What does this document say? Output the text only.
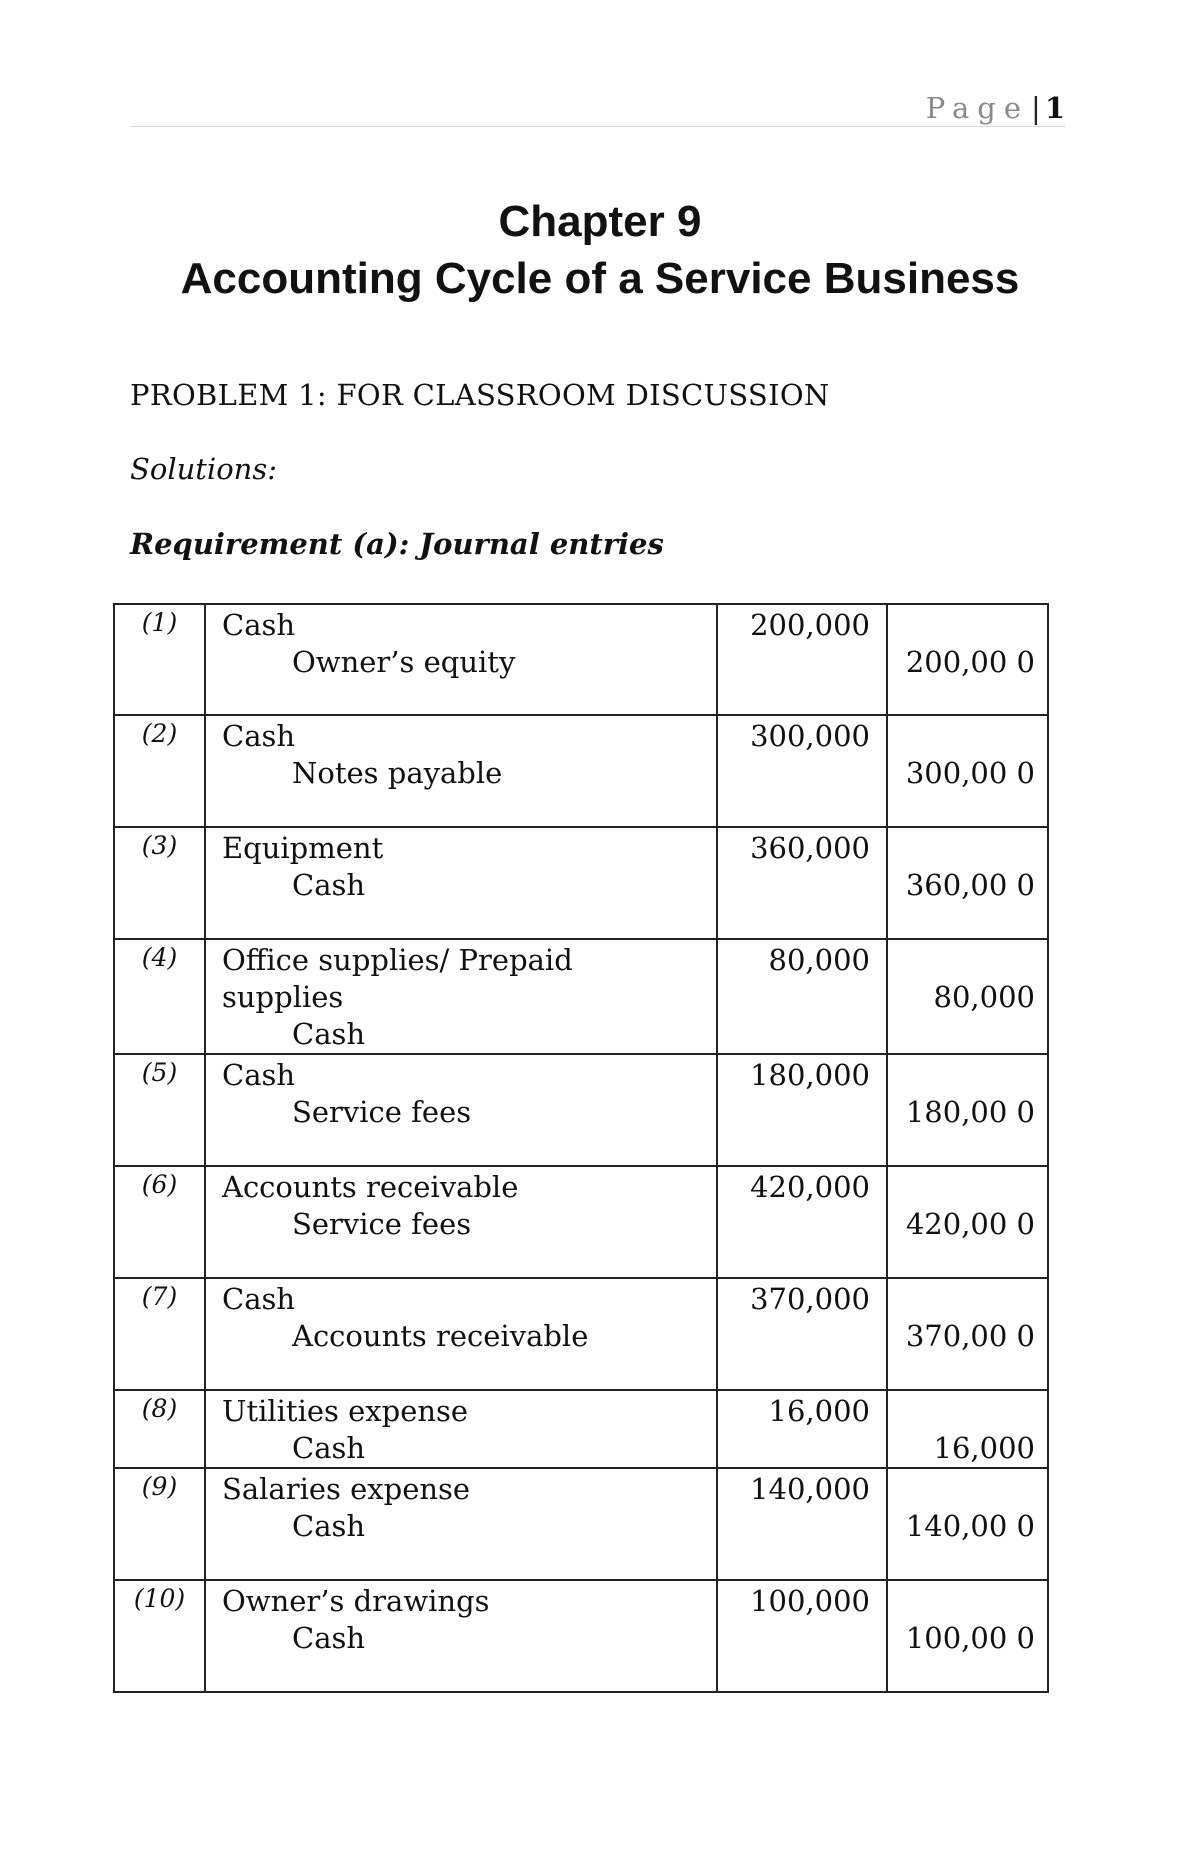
Page| 1
Chapter 9
Accounting Cycle of a Service Business
PROBLEM 1: FOR CLASSROOM DISCUSSION
Solutions:
Requirement (a): Journal entries
(1)	Cash
Owner’s equity	200,000	200,00 0

(2)	Cash
Notes payable	300,000	300,00 0

(3)	Equipment
Cash	360,000	360,00 0

(4)	Office supplies/ Prepaid supplies
Cash	80,000	80,000

(5)	Cash
Service fees	180,000	180,00 0

(6)	Accounts receivable
Service fees	420,000	420,00 0

(7)	Cash
Accounts receivable	370,000	370,00 0

(8)	Utilities expense
Cash	16,000	16,000

(9)	Salaries expense
Cash	140,000	140,00 0

(10)	Owner’s drawings
Cash	100,000	100,00 0
